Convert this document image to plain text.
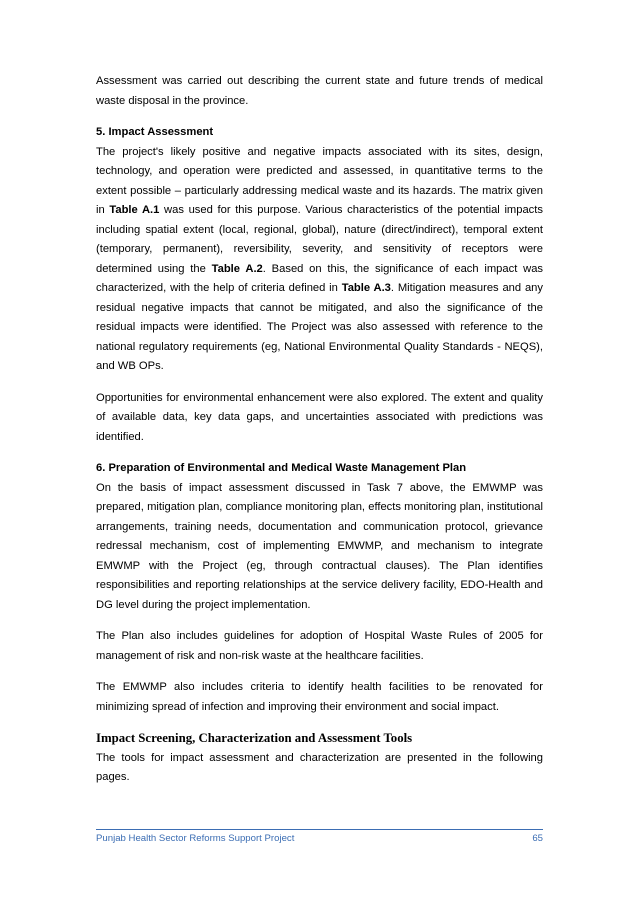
Assessment was carried out describing the current state and future trends of medical waste disposal in the province.

5. Impact Assessment

The project's likely positive and negative impacts associated with its sites, design, technology, and operation were predicted and assessed, in quantitative terms to the extent possible – particularly addressing medical waste and its hazards. The matrix given in Table A.1 was used for this purpose. Various characteristics of the potential impacts including spatial extent (local, regional, global), nature (direct/indirect), temporal extent (temporary, permanent), reversibility, severity, and sensitivity of receptors were determined using the Table A.2. Based on this, the significance of each impact was characterized, with the help of criteria defined in Table A.3. Mitigation measures and any residual negative impacts that cannot be mitigated, and also the significance of the residual impacts were identified. The Project was also assessed with reference to the national regulatory requirements (eg, National Environmental Quality Standards - NEQS), and WB OPs.

Opportunities for environmental enhancement were also explored. The extent and quality of available data, key data gaps, and uncertainties associated with predictions was identified.

6. Preparation of Environmental and Medical Waste Management Plan

On the basis of impact assessment discussed in Task 7 above, the EMWMP was prepared, mitigation plan, compliance monitoring plan, effects monitoring plan, institutional arrangements, training needs, documentation and communication protocol, grievance redressal mechanism, cost of implementing EMWMP, and mechanism to integrate EMWMP with the Project (eg, through contractual clauses). The Plan identifies responsibilities and reporting relationships at the service delivery facility, EDO-Health and DG level during the project implementation.

The Plan also includes guidelines for adoption of Hospital Waste Rules of 2005 for management of risk and non-risk waste at the healthcare facilities.

The EMWMP also includes criteria to identify health facilities to be renovated for minimizing spread of infection and improving their environment and social impact.

Impact Screening, Characterization and Assessment Tools

The tools for impact assessment and characterization are presented in the following pages.

Punjab Health Sector Reforms Support Project	65
